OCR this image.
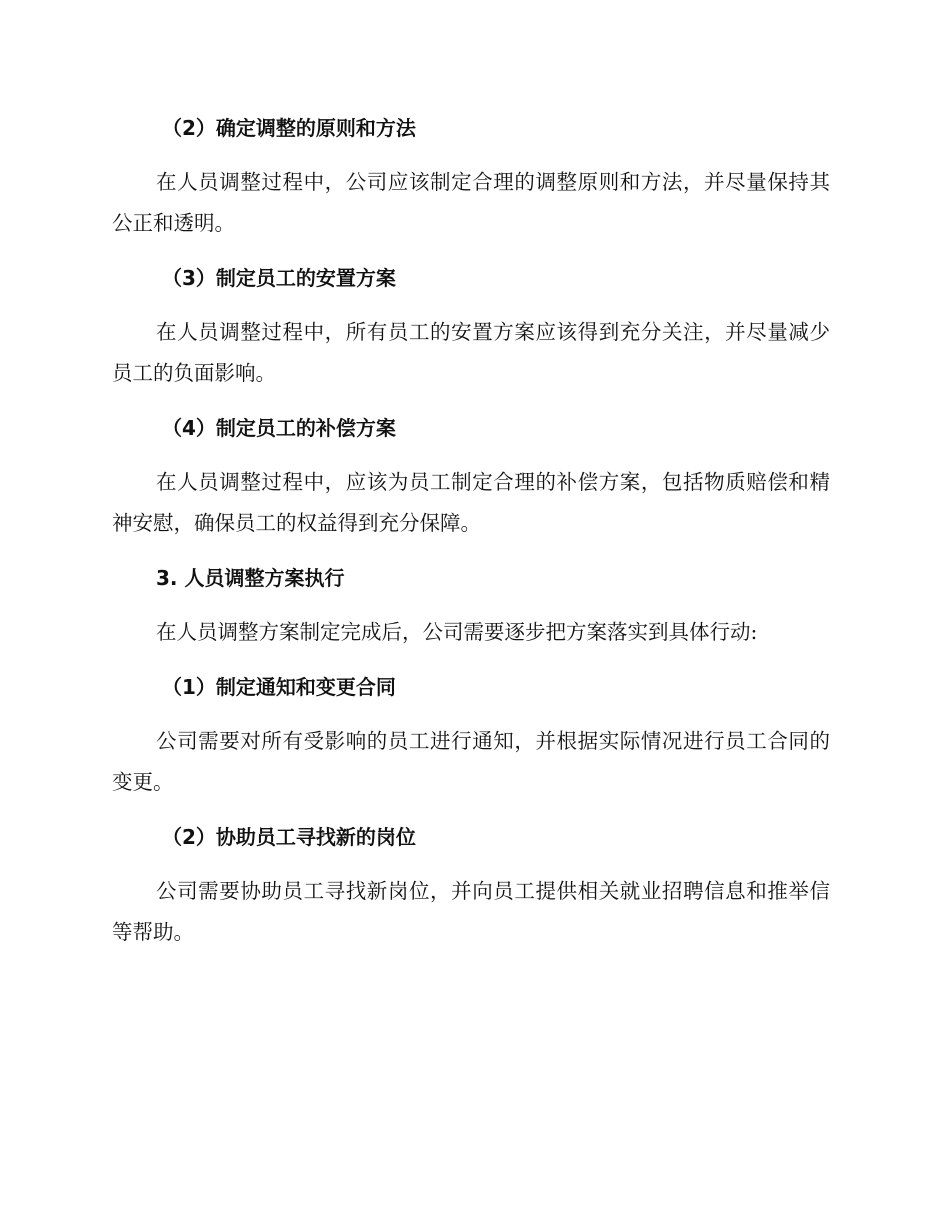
（2）确定调整的原则和方法

在人员调整过程中，公司应该制定合理的调整原则和方法，并尽量保持其公正和透明。

（3）制定员工的安置方案

在人员调整过程中，所有员工的安置方案应该得到充分关注，并尽量减少员工的负面影响。

（4）制定员工的补偿方案

在人员调整过程中，应该为员工制定合理的补偿方案，包括物质赔偿和精神安慰，确保员工的权益得到充分保障。

3. 人员调整方案执行

在人员调整方案制定完成后，公司需要逐步把方案落实到具体行动:

（1）制定通知和变更合同

公司需要对所有受影响的员工进行通知，并根据实际情况进行员工合同的变更。

（2）协助员工寻找新的岗位

公司需要协助员工寻找新岗位，并向员工提供相关就业招聘信息和推举信等帮助。
